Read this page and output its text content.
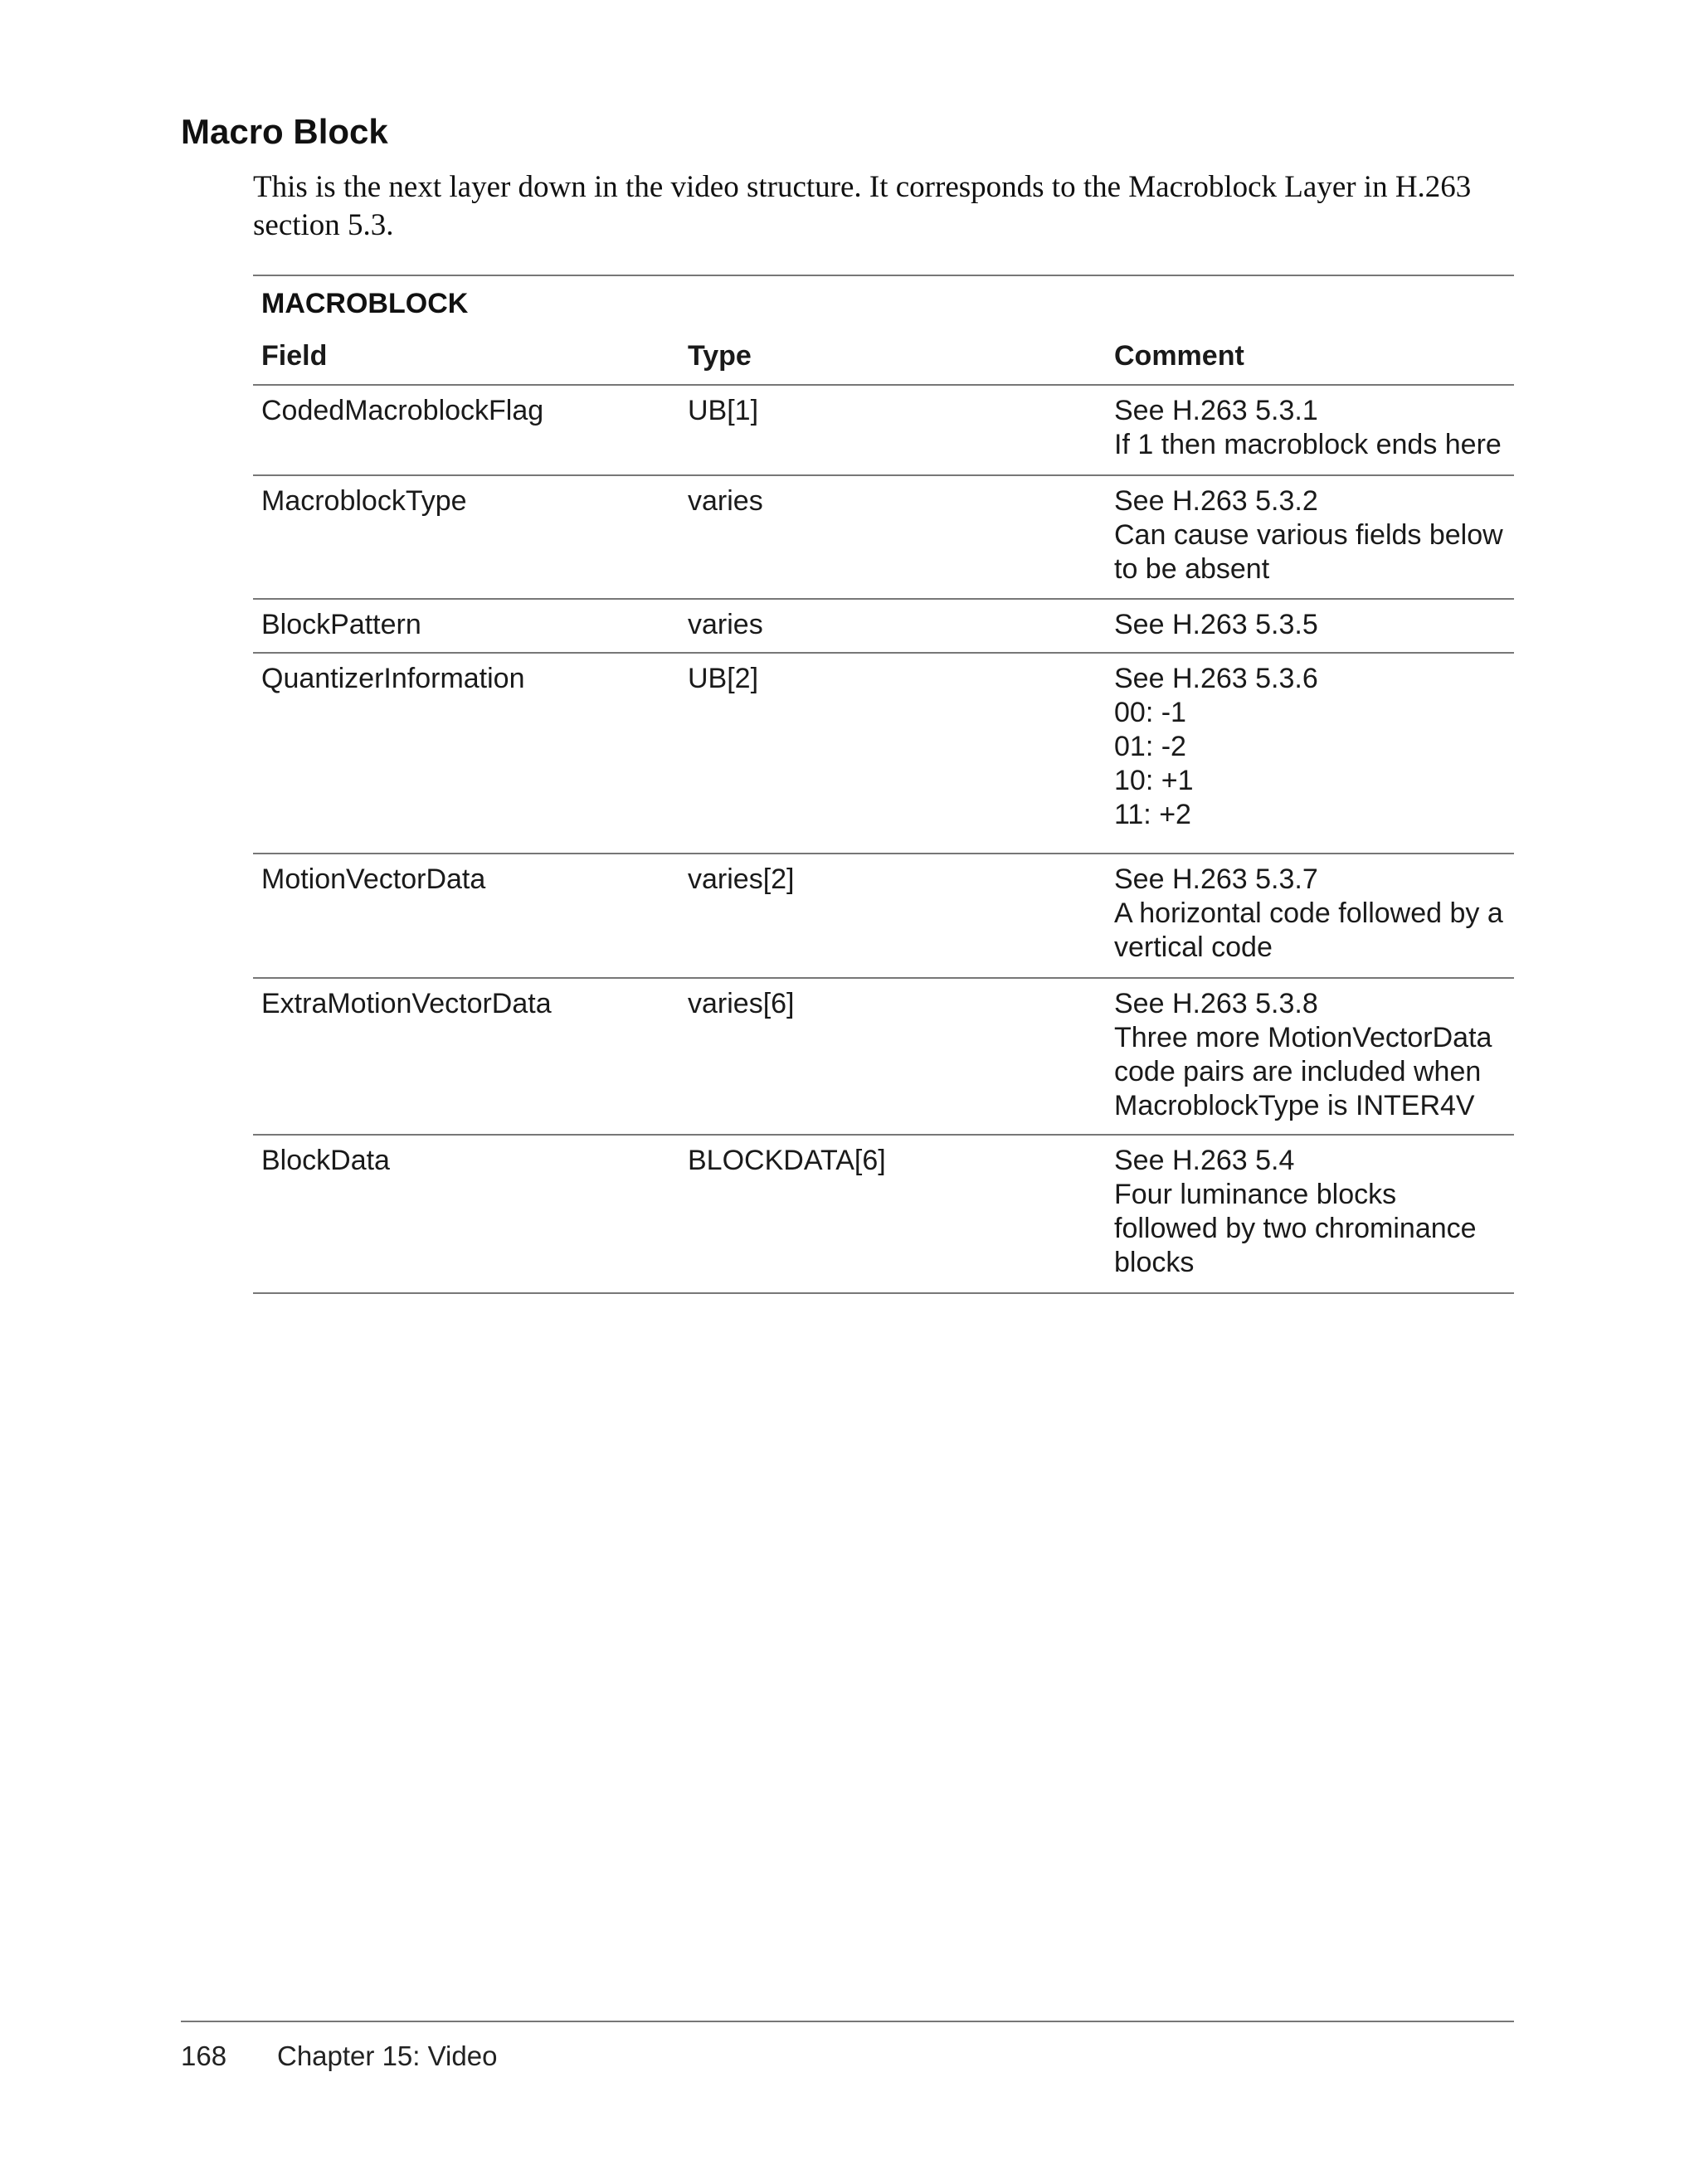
Macro Block

This is the next layer down in the video structure. It corresponds to the Macroblock Layer in H.263 section 5.3.

MACROBLOCK
Field	Type	Comment
CodedMacroblockFlag	UB[1]	See H.263 5.3.1
If 1 then macroblock ends here
MacroblockType	varies	See H.263 5.3.2
Can cause various fields below
to be absent
BlockPattern	varies	See H.263 5.3.5
QuantizerInformation	UB[2]	See H.263 5.3.6
00: -1
01: -2
10: +1
11: +2
MotionVectorData	varies[2]	See H.263 5.3.7
A horizontal code followed by a
vertical code
ExtraMotionVectorData	varies[6]	See H.263 5.3.8
Three more MotionVectorData
code pairs are included when
MacroblockType is INTER4V
BlockData	BLOCKDATA[6]	See H.263 5.4
Four luminance blocks
followed by two chrominance
blocks
168	Chapter 15: Video
